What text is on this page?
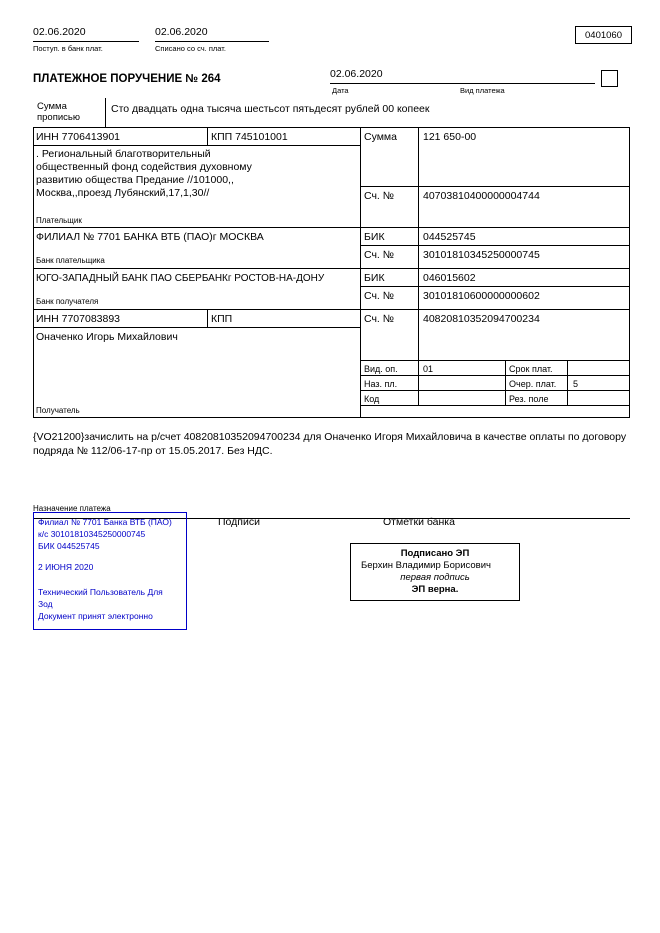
02.06.2020
Поступ. в банк плат.
02.06.2020
Списано со сч. плат.
0401060
ПЛАТЕЖНОЕ ПОРУЧЕНИЕ № 264	02.06.2020
Дата	Вид платежа
Сумма
прописью
Сто двадцать одна тысяча шестьсот пятьдесят рублей 00 копеек
ИНН 7706413901	КПП 745101001	Сумма 121 650-00
. Региональный благотворительный общественный фонд содействия духовному развитию общества Предание //101000,, Москва,,проезд Лубянский,17,1,30//
Плательщик
Сч. №	40703810400000004744
ФИЛИАЛ № 7701 БАНКА ВТБ (ПАО)г МОСКВА	БИК	044525745
Банк плательщика	Сч. №	30101810345250000745
ЮГО-ЗАПАДНЫЙ БАНК ПАО СБЕРБАНКг РОСТОВ-НА-ДОНУ	БИК	046015602
Банк получателя	Сч. №	30101810600000000602
ИНН 7707083893	КПП	Сч. №	40820810352094700234
Оначенко Игорь Михайлович
Получатель
Вид. оп.	01	Срок плат.
Наз. пл.	Очер. плат. 5
Код	Рез. поле
{VO21200}зачислить на р/счет 40820810352094700234 для Оначенко Игоря Михайловича в качестве оплаты по договору подряда № 112/06-17-пр от 15.05.2017. Без НДС.
Назначение платежа
Подписи	Отметки банка
Филиал № 7701 Банка ВТБ (ПАО)
к/с 30101810345250000745
БИК 044525745
2 ИЮНЯ 2020
Технический Пользователь Для
Зод
Документ принят электронно
Подписано ЭП
Берхин Владимир Борисович
первая подпись
ЭП верна.
